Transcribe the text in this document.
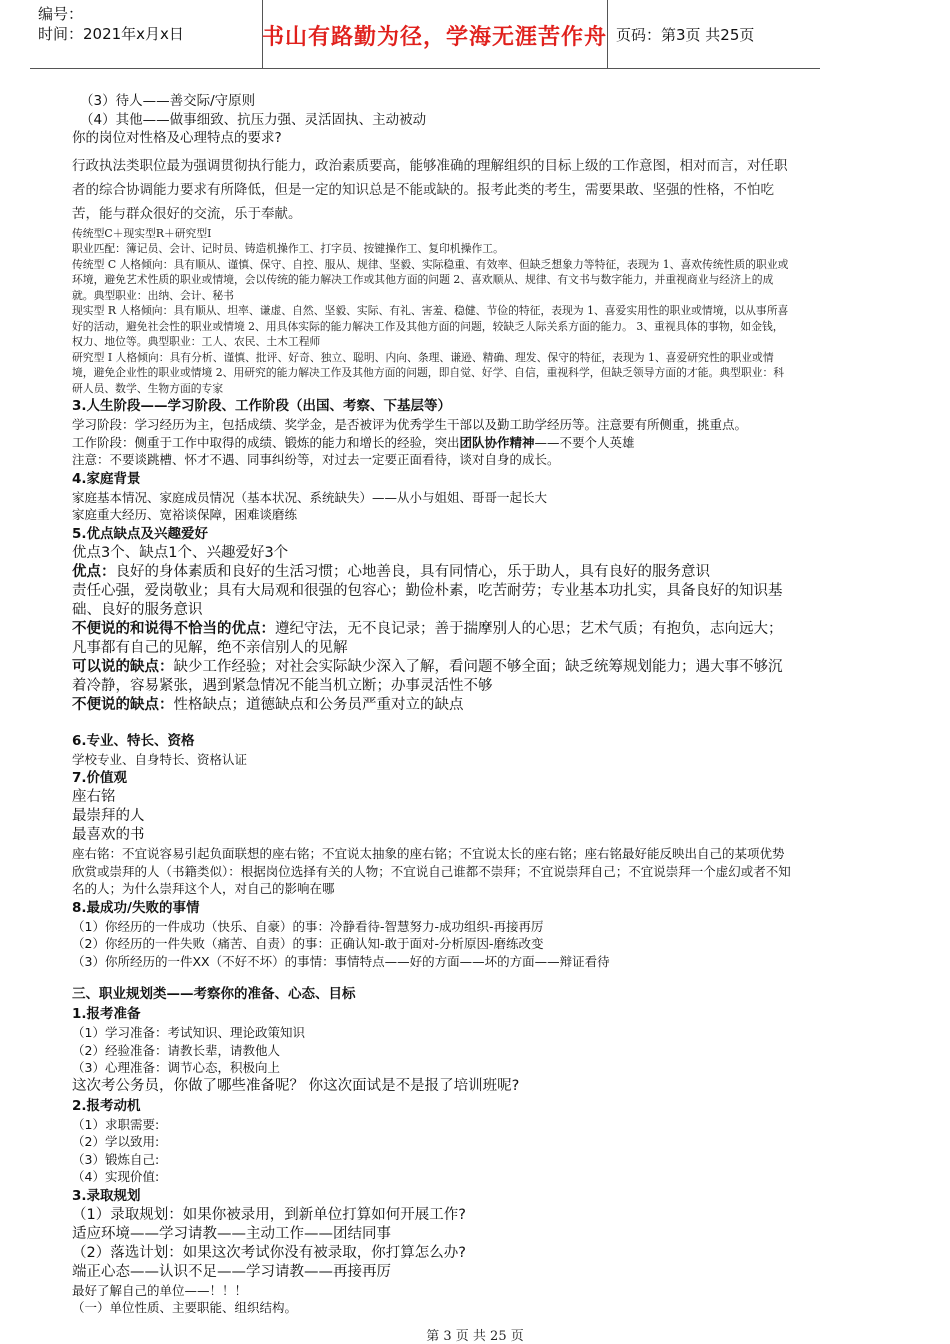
编号：
时间：2021年x月x日	书山有路勤为径，学海无涯苦作舟 页码：第3页 共25页

（3）待人——善交际/守原则

（4）其他——做事细致、抗压力强、灵活固执、主动被动

你的岗位对性格及心理特点的要求?

行政执法类职位最为强调贯彻执行能力，政治素质要高，能够准确的理解组织的目标上级的工作意图，相对而言，对任职者的综合协调能力要求有所降低，但是一定的知识总是不能或缺的。报考此类的考生，需要果敢、坚强的性格，不怕吃苦，能与群众很好的交流，乐于奉献。

传统型C＋现实型R＋研究型I

职业匹配：簿记员、会计、记时员、铸造机操作工、打字员、按键操作工、复印机操作工。

传统型 C 人格倾向：具有顺从、谨慎、保守、自控、服从、规律、坚毅、实际稳重、有效率、但缺乏想象力等特征，表现为 1、喜欢传统性质的职业或环境，避免艺术性质的职业或情境，会以传统的能力解决工作或其他方面的问题 2、喜欢顺从、规律、有文书与数字能力，并重视商业与经济上的成就。典型职业：出纳、会计、秘书

现实型 R 人格倾向：具有顺从、坦率、谦虚、自然、坚毅、实际、有礼、害羞、稳健、节俭的特征，表现为 1、喜爱实用性的职业或情境，以从事所喜好的活动，避免社会性的职业或情境 2、用具体实际的能力解决工作及其他方面的问题，较缺乏人际关系方面的能力。 3、重视具体的事物，如金钱，权力、地位等。典型职业：工人、农民、土木工程师

研究型 I 人格倾向：具有分析、谨慎、批评、好奇、独立、聪明、内向、条理、谦逊、精确、理发、保守的特征，表现为 1、喜爱研究性的职业或情境，避免企业性的职业或情境 2、用研究的能力解决工作及其他方面的问题，即自觉、好学、自信，重视科学，但缺乏领导方面的才能。典型职业：科研人员、数学、生物方面的专家

3.人生阶段——学习阶段、工作阶段（出国、考察、下基层等）

学习阶段：学习经历为主，包括成绩、奖学金，是否被评为优秀学生干部以及勤工助学经历等。注意要有所侧重，挑重点。

工作阶段：侧重于工作中取得的成绩、锻炼的能力和增长的经验，突出团队协作精神——不要个人英雄

注意：不要谈跳槽、怀才不遇、同事纠纷等，对过去一定要正面看待，谈对自身的成长。

4.家庭背景

家庭基本情况、家庭成员情况（基本状况、系统缺失）——从小与姐姐、哥哥一起长大

家庭重大经历、宽裕谈保障，困难谈磨练

5.优点缺点及兴趣爱好

优点3个、缺点1个、兴趣爱好3个

优点：良好的身体素质和良好的生活习惯；心地善良，具有同情心，乐于助人，具有良好的服务意识

责任心强，爱岗敬业；具有大局观和很强的包容心；勤俭朴素，吃苦耐劳；专业基本功扎实，具备良好的知识基础、良好的服务意识

不便说的和说得不恰当的优点：遵纪守法，无不良记录；善于揣摩别人的心思；艺术气质；有抱负，志向远大；凡事都有自己的见解，绝不亲信别人的见解

可以说的缺点：缺少工作经验；对社会实际缺少深入了解，看问题不够全面；缺乏统筹规划能力；遇大事不够沉着冷静，容易紧张，遇到紧急情况不能当机立断；办事灵活性不够

不便说的缺点：性格缺点；道德缺点和公务员严重对立的缺点

6.专业、特长、资格

学校专业、自身特长、资格认证

7.价值观

座右铭

最崇拜的人

最喜欢的书

座右铭：不宜说容易引起负面联想的座右铭；不宜说太抽象的座右铭；不宜说太长的座右铭；座右铭最好能反映出自己的某项优势

欣赏或崇拜的人（书籍类似）：根据岗位选择有关的人物；不宜说自己谁都不崇拜；不宜说崇拜自己；不宜说崇拜一个虚幻或者不知名的人；为什么崇拜这个人，对自己的影响在哪

8.最成功/失败的事情

（1）你经历的一件成功（快乐、自豪）的事：冷静看待-智慧努力-成功组织-再接再厉

（2）你经历的一件失败（痛苦、自责）的事：正确认知-敢于面对-分析原因-磨练改变

（3）你所经历的一件XX（不好不坏）的事情：事情特点——好的方面——坏的方面——辩证看待

三、职业规划类——考察你的准备、心态、目标

1.报考准备

（1）学习准备：考试知识、理论政策知识

（2）经验准备：请教长辈，请教他人

（3）心理准备：调节心态，积极向上

这次考公务员，你做了哪些准备呢？ 你这次面试是不是报了培训班呢?

2.报考动机

（1）求职需要:

（2）学以致用:

（3）锻炼自己:

（4）实现价值:

3.录取规划

（1）录取规划：如果你被录用，到新单位打算如何开展工作?

适应环境——学习请教——主动工作——团结同事

（2）落选计划：如果这次考试你没有被录取，你打算怎么办?

端正心态——认识不足——学习请教——再接再厉

最好了解自己的单位——！！！

（一）单位性质、主要职能、组织结构。

第 3 页 共 25 页
